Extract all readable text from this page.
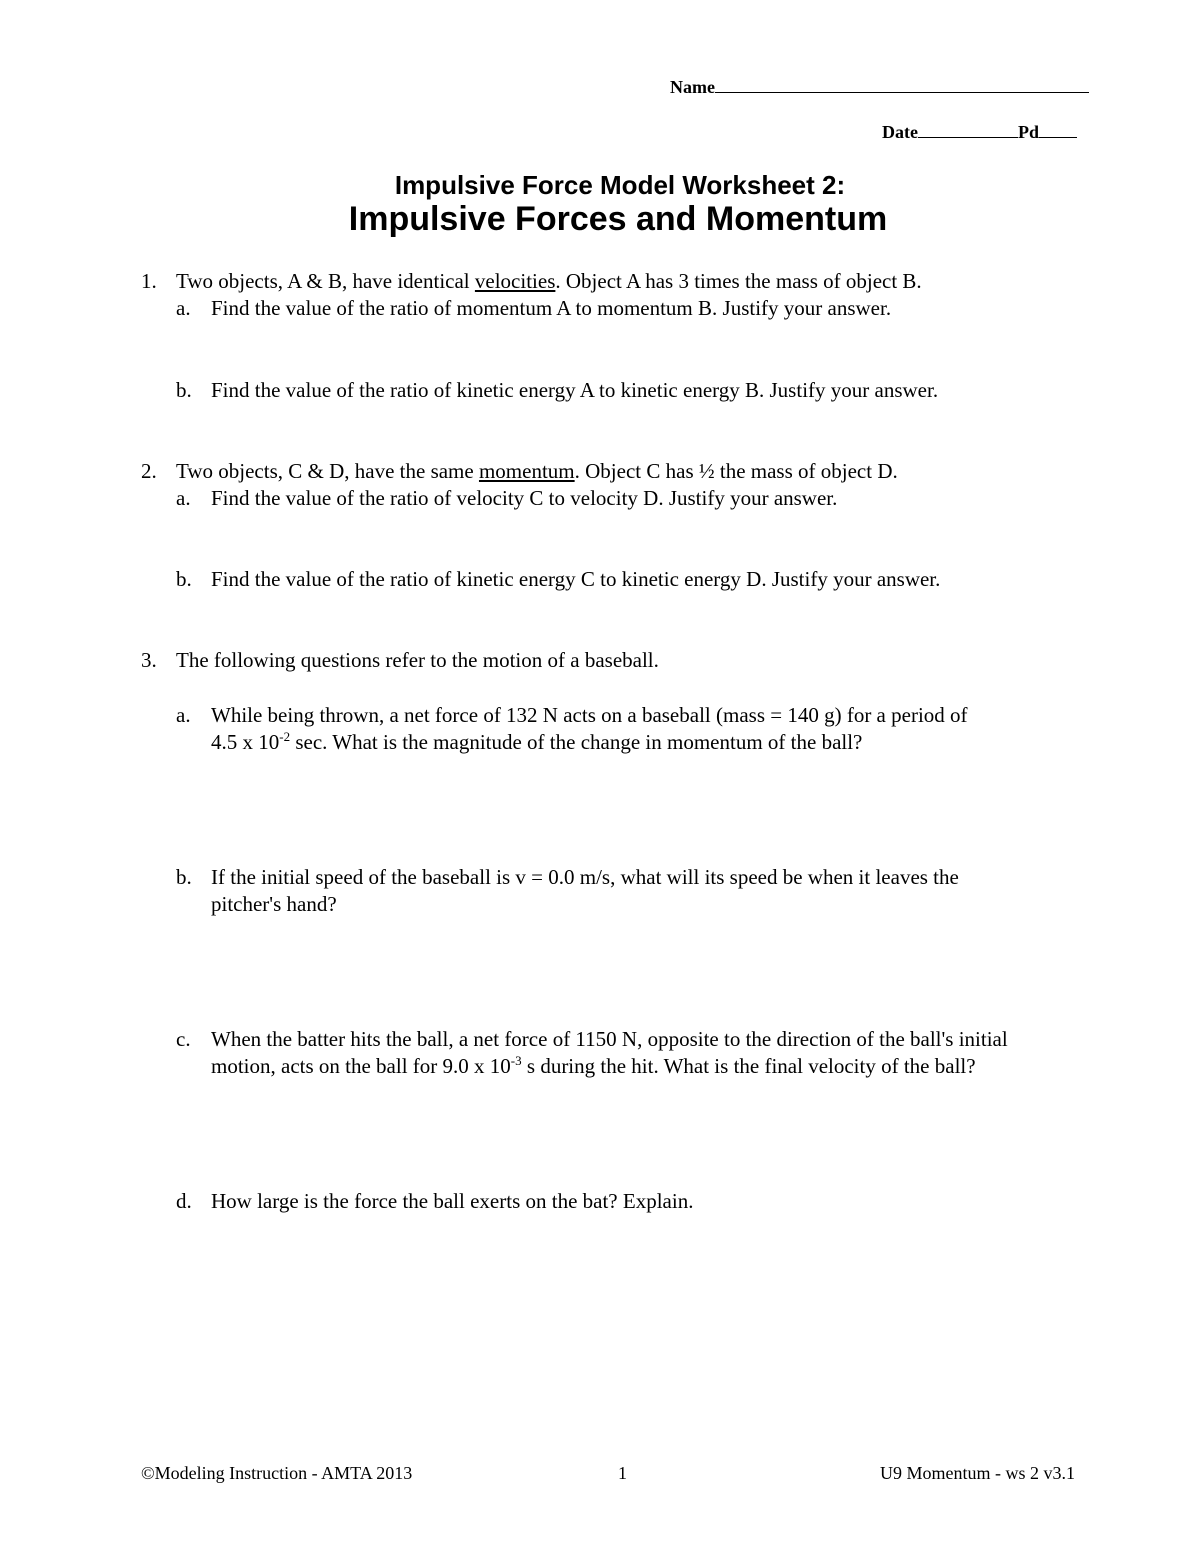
Name
Date	Pd
Impulsive Force Model Worksheet 2:
Impulsive Forces and Momentum
1. Two objects, A & B, have identical velocities. Object A has 3 times the mass of object B.
a. Find the value of the ratio of momentum A to momentum B. Justify your answer.
b. Find the value of the ratio of kinetic energy A to kinetic energy B. Justify your answer.
2. Two objects, C & D, have the same momentum. Object C has ½ the mass of object D.
a. Find the value of the ratio of velocity C to velocity D. Justify your answer.
b. Find the value of the ratio of kinetic energy C to kinetic energy D. Justify your answer.
3. The following questions refer to the motion of a baseball.
a. While being thrown, a net force of 132 N acts on a baseball (mass = 140 g) for a period of
4.5 x $10^{-2}$ sec. What is the magnitude of the change in momentum of the ball?
b. If the initial speed of the baseball is v = 0.0 m/s, what will its speed be when it leaves the
pitcher's hand?
c. When the batter hits the ball, a net force of 1150 N, opposite to the direction of the ball's initial
motion, acts on the ball for 9.0 x $10^{-3}$ s during the hit. What is the final velocity of the ball?
d. How large is the force the ball exerts on the bat? Explain.
©Modeling Instruction - AMTA 2013	1	U9 Momentum - ws 2 v3.1
